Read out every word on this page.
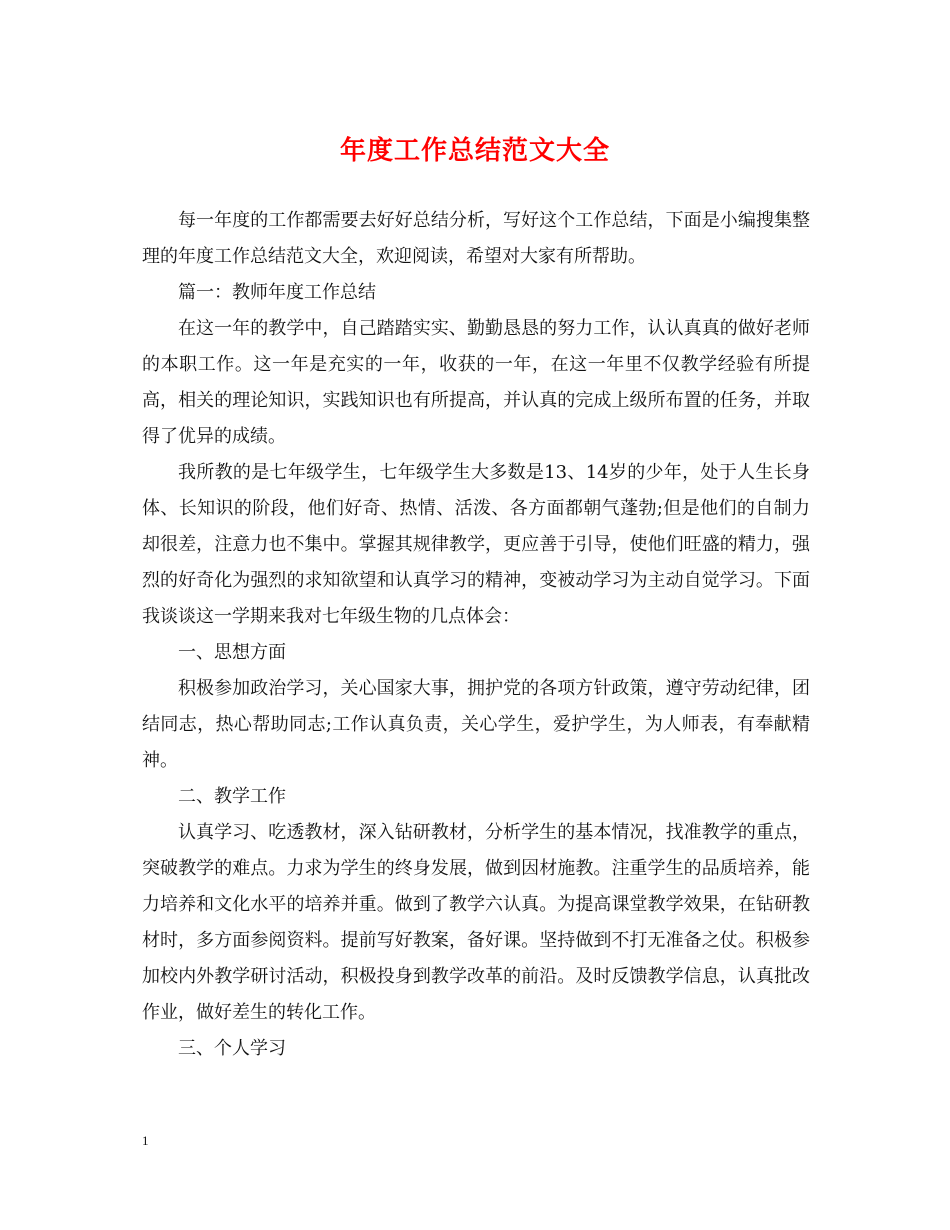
年度工作总结范文大全

每一年度的工作都需要去好好总结分析，写好这个工作总结，下面是小编搜集整理的年度工作总结范文大全，欢迎阅读，希望对大家有所帮助。

篇一：教师年度工作总结

在这一年的教学中，自己踏踏实实、勤勤恳恳的努力工作，认认真真的做好老师的本职工作。这一年是充实的一年，收获的一年，在这一年里不仅教学经验有所提高，相关的理论知识，实践知识也有所提高，并认真的完成上级所布置的任务，并取得了优异的成绩。

我所教的是七年级学生，七年级学生大多数是13、14岁的少年，处于人生长身体、长知识的阶段，他们好奇、热情、活泼、各方面都朝气蓬勃;但是他们的自制力却很差，注意力也不集中。掌握其规律教学，更应善于引导，使他们旺盛的精力，强烈的好奇化为强烈的求知欲望和认真学习的精神，变被动学习为主动自觉学习。下面我谈谈这一学期来我对七年级生物的几点体会：

一、思想方面

积极参加政治学习，关心国家大事，拥护党的各项方针政策，遵守劳动纪律，团结同志，热心帮助同志;工作认真负责，关心学生，爱护学生，为人师表，有奉献精神。

二、教学工作

认真学习、吃透教材，深入钻研教材，分析学生的基本情况，找准教学的重点，突破教学的难点。力求为学生的终身发展，做到因材施教。注重学生的品质培养，能力培养和文化水平的培养并重。做到了教学六认真。为提高课堂教学效果，在钻研教材时，多方面参阅资料。提前写好教案，备好课。坚持做到不打无准备之仗。积极参加校内外教学研讨活动，积极投身到教学改革的前沿。及时反馈教学信息，认真批改作业，做好差生的转化工作。

三、个人学习

1
